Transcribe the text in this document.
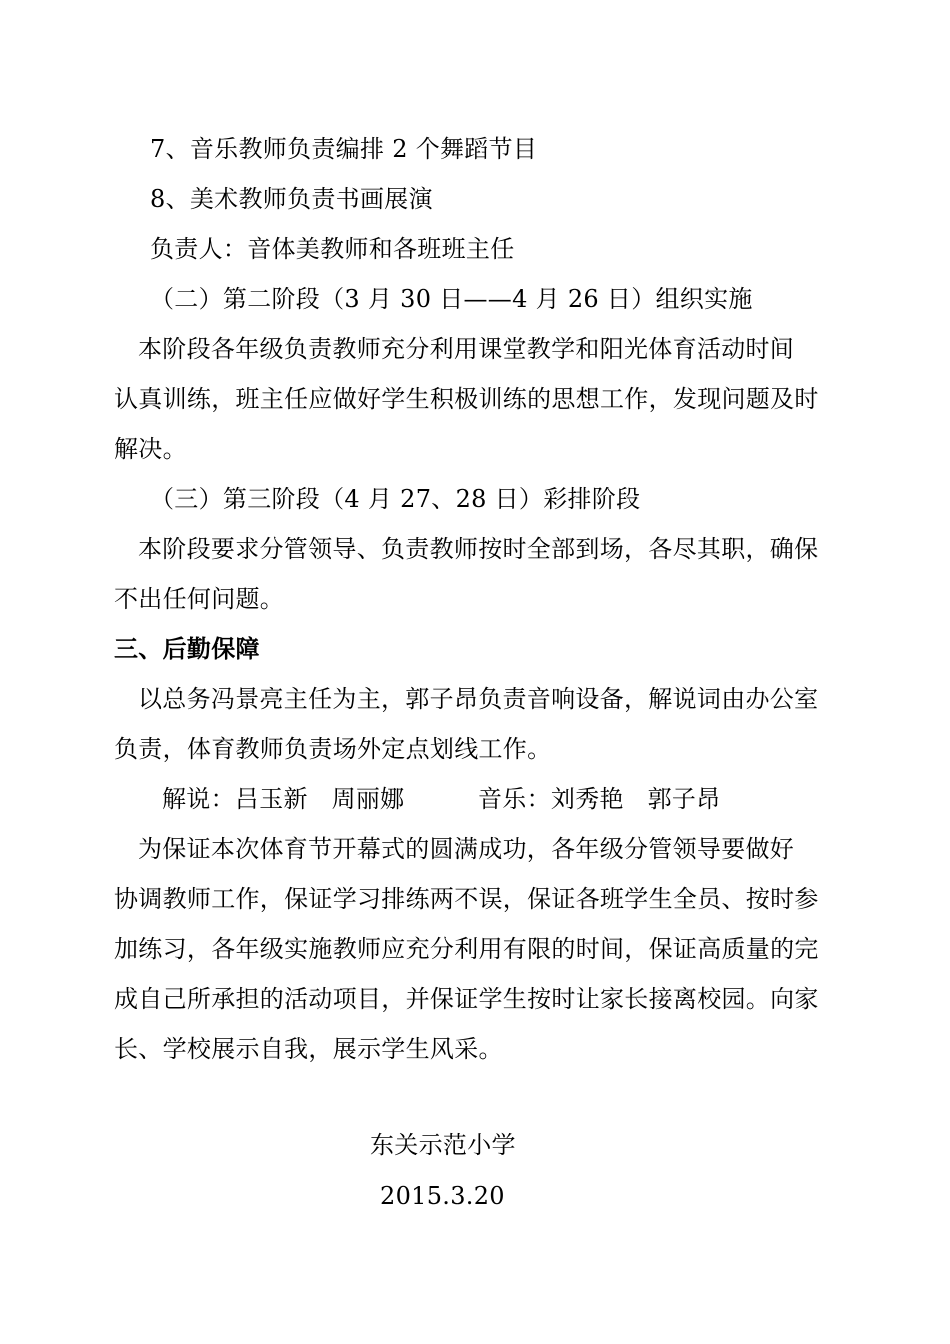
7、音乐教师负责编排 2 个舞蹈节目
8、美术教师负责书画展演
负责人：音体美教师和各班班主任
（二）第二阶段（3 月 30 日——4 月 26 日）组织实施
本阶段各年级负责教师充分利用课堂教学和阳光体育活动时间
认真训练，班主任应做好学生积极训练的思想工作，发现问题及时
解决。
（三）第三阶段（4 月 27、28 日）彩排阶段
本阶段要求分管领导、负责教师按时全部到场，各尽其职，确保
不出任何问题。
三、后勤保障
以总务冯景亮主任为主，郭子昂负责音响设备，解说词由办公室
负责，体育教师负责场外定点划线工作。
解说：吕玉新   周丽娜	音乐：刘秀艳   郭子昂
为保证本次体育节开幕式的圆满成功，各年级分管领导要做好
协调教师工作，保证学习排练两不误，保证各班学生全员、按时参
加练习，各年级实施教师应充分利用有限的时间，保证高质量的完
成自己所承担的活动项目，并保证学生按时让家长接离校园。向家
长、学校展示自我，展示学生风采。
东关示范小学
2015.3.20
